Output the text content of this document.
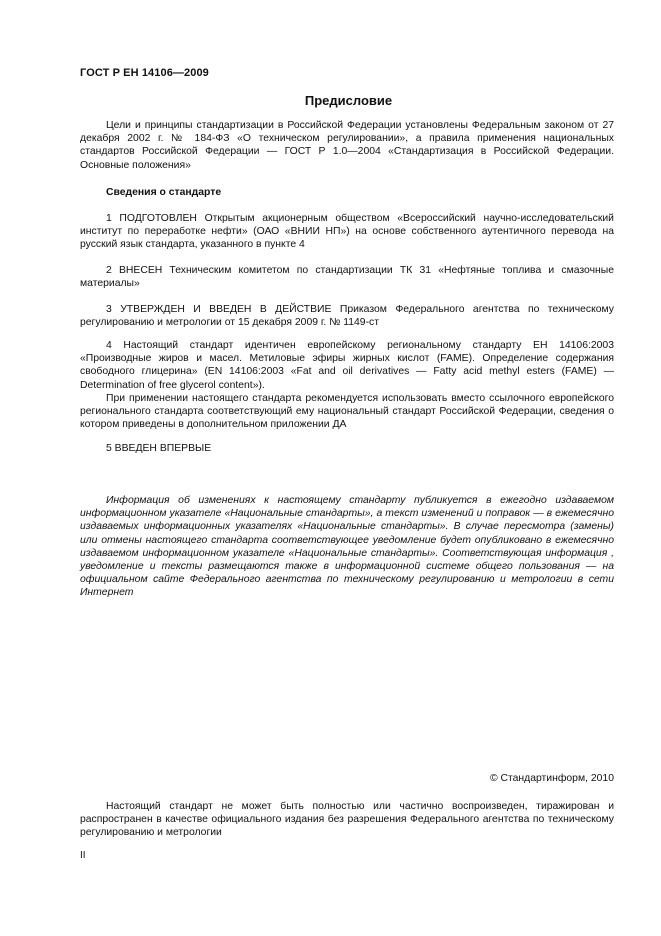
ГОСТ Р ЕН 14106—2009
Предисловие

Цели и принципы стандартизации в Российской Федерации установлены Федеральным законом от 27 декабря 2002 г. № 184-ФЗ «О техническом регулировании», а правила применения национальных стандартов Российской Федерации — ГОСТ Р 1.0—2004 «Стандартизация в Российской Федерации. Основные положения»

Сведения о стандарте

1 ПОДГОТОВЛЕН Открытым акционерным обществом «Всероссийский научно-исследовательский институт по переработке нефти» (ОАО «ВНИИ НП») на основе собственного аутентичного перевода на русский язык стандарта, указанного в пункте 4

2 ВНЕСЕН Техническим комитетом по стандартизации ТК 31 «Нефтяные топлива и смазочные материалы»

3 УТВЕРЖДЕН И ВВЕДЕН В ДЕЙСТВИЕ Приказом Федерального агентства по техническому регулированию и метрологии от 15 декабря 2009 г. № 1149-ст

4 Настоящий стандарт идентичен европейскому региональному стандарту ЕН 14106:2003 «Производные жиров и масел. Метиловые эфиры жирных кислот (FAME). Определение содержания свободного глицерина» (EN 14106:2003 «Fat and oil derivatives — Fatty acid methyl esters (FAME) — Determination of free glycerol content»).

При применении настоящего стандарта рекомендуется использовать вместо ссылочного европейского регионального стандарта соответствующий ему национальный стандарт Российской Федерации, сведения о котором приведены в дополнительном приложении ДА

5 ВВЕДЕН ВПЕРВЫЕ

Информация об изменениях к настоящему стандарту публикуется в ежегодно издаваемом информационном указателе «Национальные стандарты», а текст изменений и поправок — в ежемесячно издаваемых информационных указателях «Национальные стандарты». В случае пересмотра (замены) или отмены настоящего стандарта соответствующее уведомление будет опубликовано в ежемесячно издаваемом информационном указателе «Национальные стандарты». Соответствующая информация , уведомление и тексты размещаются также в информационной системе общего пользования — на официальном сайте Федерального агентства по техническому регулированию и метрологии в сети Интернет

© Стандартинформ, 2010

Настоящий стандарт не может быть полностью или частично воспроизведен, тиражирован и распространен в качестве официального издания без разрешения Федерального агентства по техническому регулированию и метрологии

II
